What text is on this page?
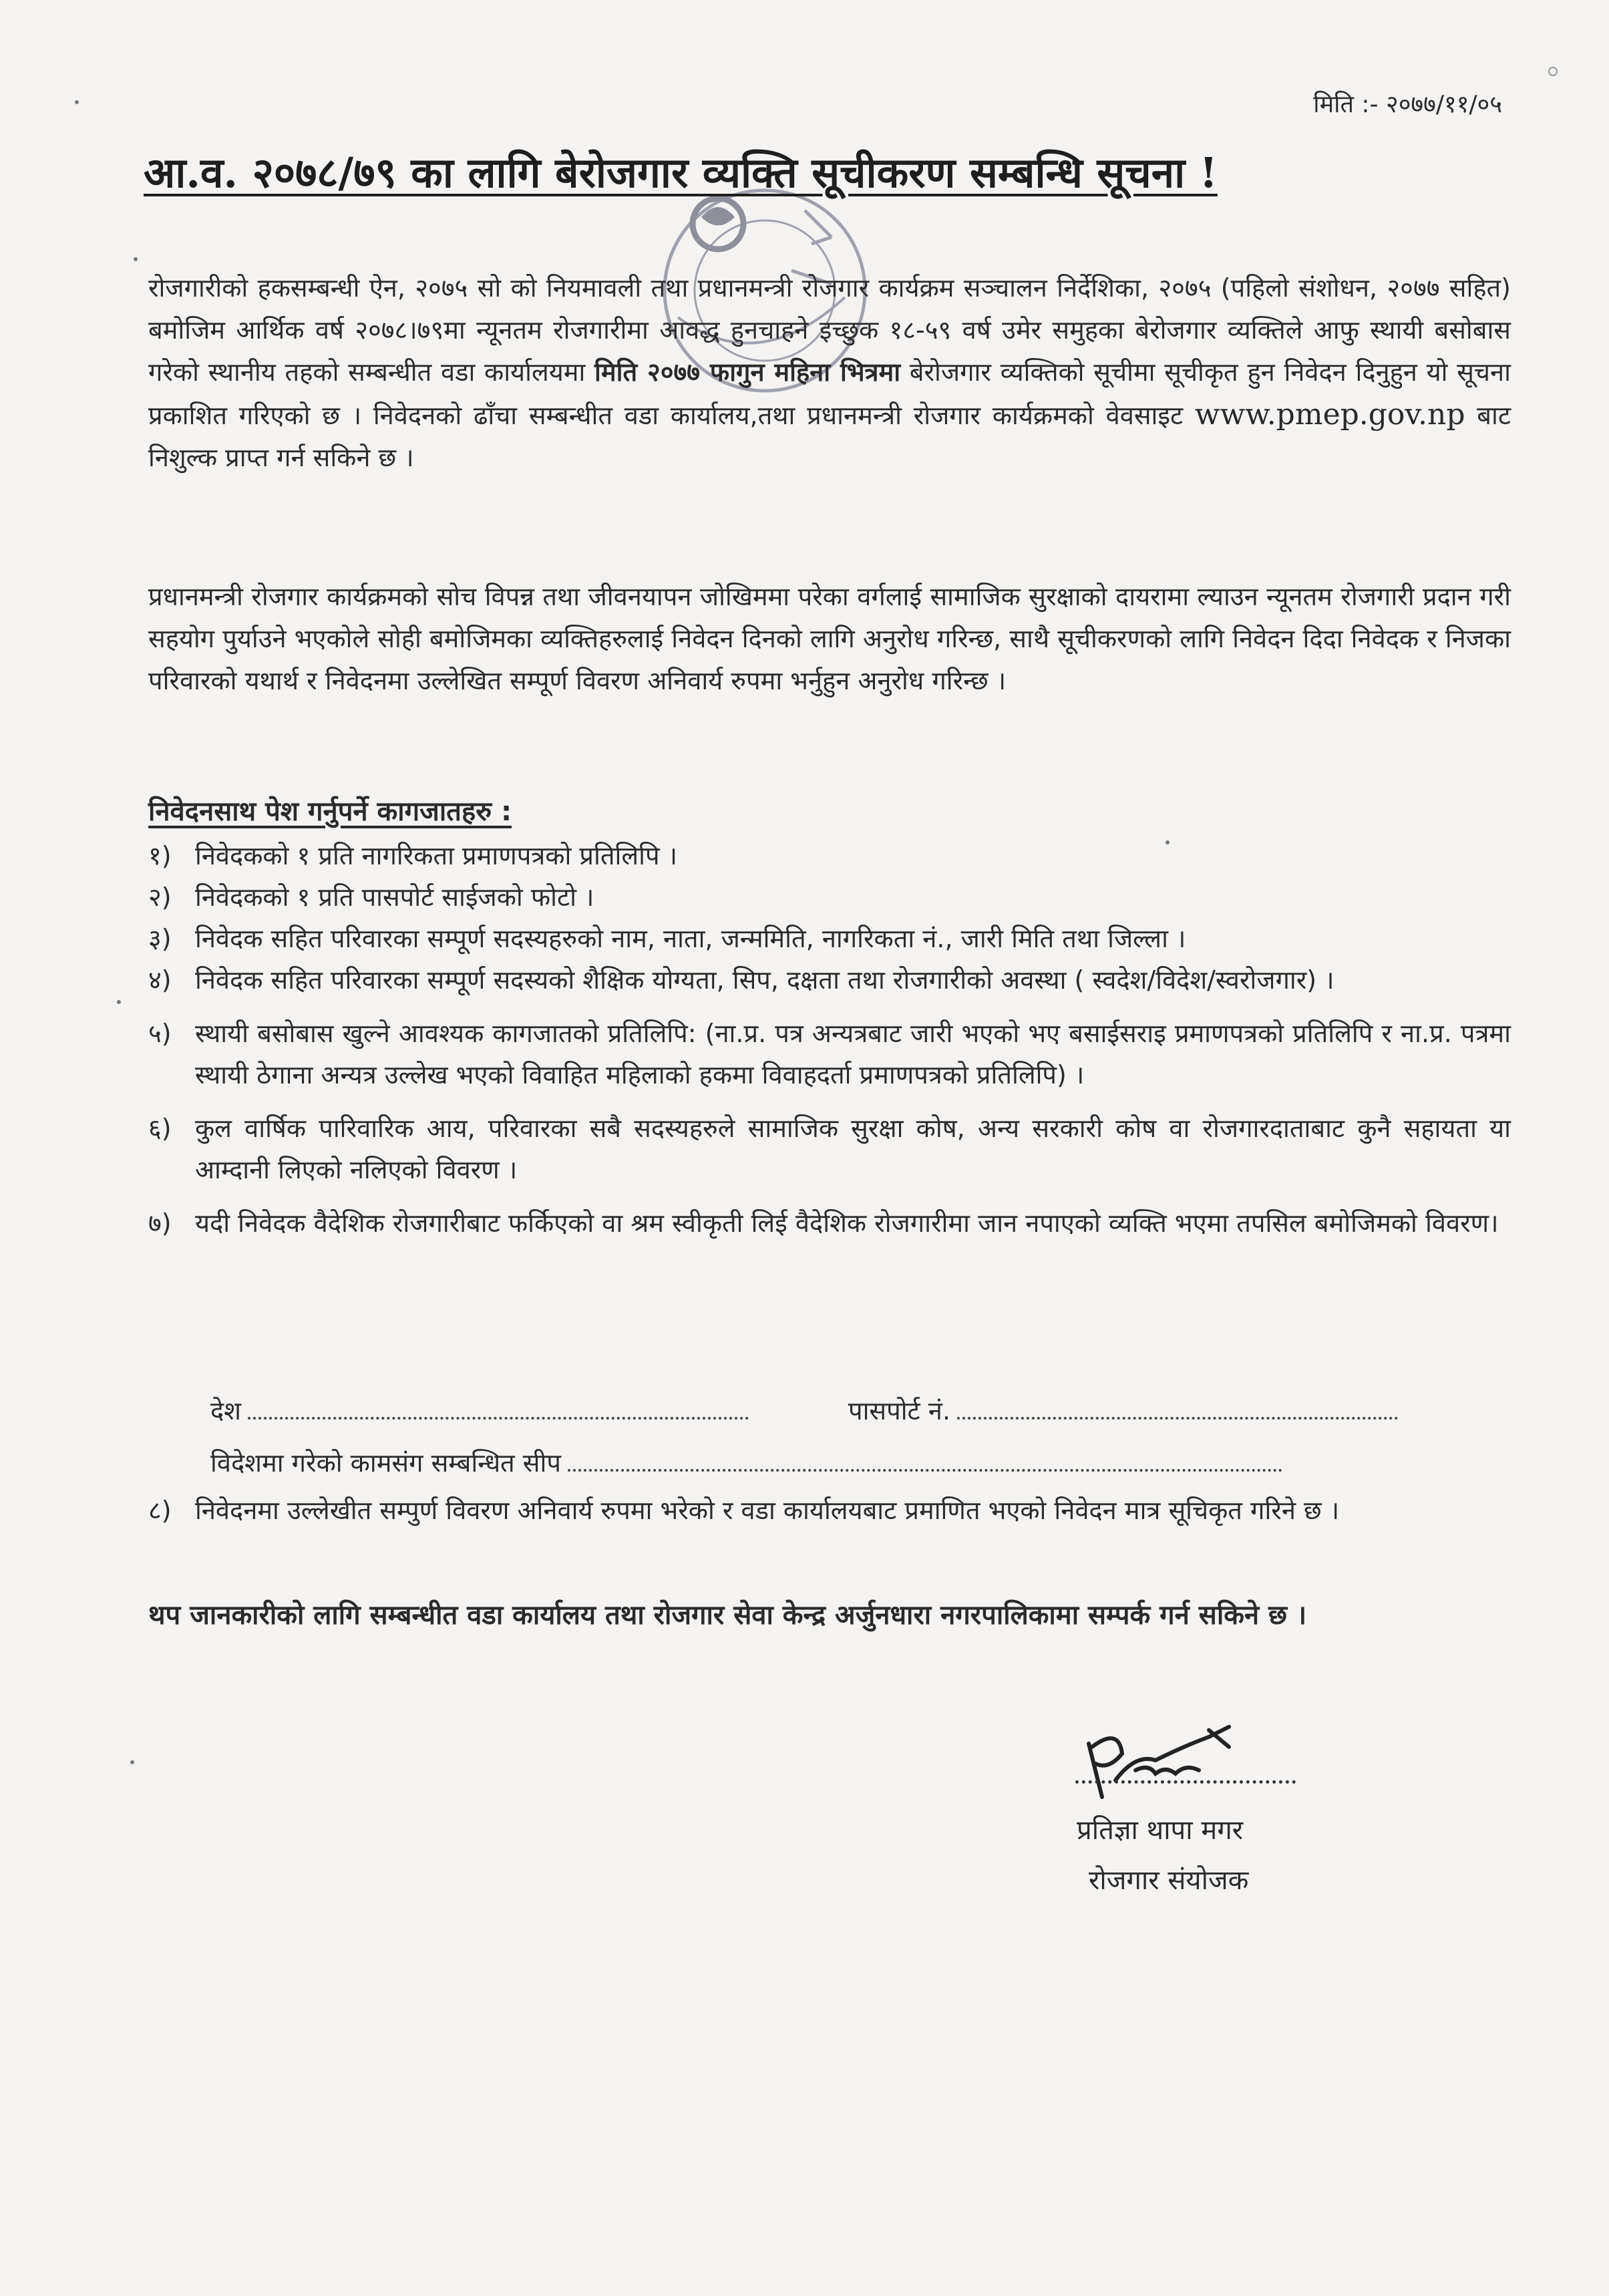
मिति :- २०७७/११/०५
आ.व. २०७८/७९ का लागि बेरोजगार व्यक्ति सूचीकरण सम्बन्धि सूचना !

रोजगारीको हकसम्बन्धी ऐन, २०७५ सो को नियमावली तथा प्रधानमन्त्री रोजगार कार्यक्रम सञ्चालन निर्देशिका, २०७५ (पहिलो संशोधन, २०७७ सहित) बमोजिम आर्थिक वर्ष २०७८।७९मा न्यूनतम रोजगारीमा आवद्ध हुनचाहने इच्छुक १८-५९ वर्ष उमेर समुहका बेरोजगार व्यक्तिले आफु स्थायी बसोबास गरेको स्थानीय तहको सम्बन्धीत वडा कार्यालयमा मिति २०७७ फागुन महिना भित्रमा बेरोजगार व्यक्तिको सूचीमा सूचीकृत हुन निवेदन दिनुहुन यो सूचना प्रकाशित गरिएको छ । निवेदनको ढाँचा सम्बन्धीत वडा कार्यालय,तथा प्रधानमन्त्री रोजगार कार्यक्रमको वेवसाइट www.pmep.gov.np बाट निशुल्क प्राप्त गर्न सकिने छ ।

प्रधानमन्त्री रोजगार कार्यक्रमको सोच विपन्न तथा जीवनयापन जोखिममा परेका वर्गलाई सामाजिक सुरक्षाको दायरामा ल्याउन न्यूनतम रोजगारी प्रदान गरी सहयोग पुर्याउने भएकोले सोही बमोजिमका व्यक्तिहरुलाई निवेदन दिनको लागि अनुरोध गरिन्छ, साथै सूचीकरणको लागि निवेदन दिदा निवेदक र निजका परिवारको यथार्थ र निवेदनमा उल्लेखित सम्पूर्ण विवरण अनिवार्य रुपमा भर्नुहुन अनुरोध गरिन्छ ।

निवेदनसाथ पेश गर्नुपर्ने कागजातहरु :
१) निवेदकको १ प्रति नागरिकता प्रमाणपत्रको प्रतिलिपि ।
२) निवेदकको १ प्रति पासपोर्ट साईजको फोटो ।
३) निवेदक सहित परिवारका सम्पूर्ण सदस्यहरुको नाम, नाता, जन्ममिति, नागरिकता नं., जारी मिति तथा जिल्ला ।
४) निवेदक सहित परिवारका सम्पूर्ण सदस्यको शैक्षिक योग्यता, सिप, दक्षता तथा रोजगारीको अवस्था ( स्वदेश/विदेश/स्वरोजगार) ।
५) स्थायी बसोबास खुल्ने आवश्यक कागजातको प्रतिलिपि: (ना.प्र. पत्र अन्यत्रबाट जारी भएको भए बसाईसराइ प्रमाणपत्रको प्रतिलिपि र ना.प्र. पत्रमा स्थायी ठेगाना अन्यत्र उल्लेख भएको विवाहित महिलाको हकमा विवाहदर्ता प्रमाणपत्रको प्रतिलिपि) ।
६) कुल वार्षिक पारिवारिक आय, परिवारका सबै सदस्यहरुले सामाजिक सुरक्षा कोष, अन्य सरकारी कोष वा रोजगारदाताबाट कुनै सहायता या आम्दानी लिएको नलिएको विवरण ।
७) यदी निवेदक वैदेशिक रोजगारीबाट फर्किएको वा श्रम स्वीकृती लिई वैदेशिक रोजगारीमा जान नपाएको व्यक्ति भएमा तपसिल बमोजिमको विवरण।
देश	पासपोर्ट नं.
विदेशमा गरेको कामसंग सम्बन्धित सीप
८) निवेदनमा उल्लेखीत सम्पुर्ण विवरण अनिवार्य रुपमा भरेको र वडा कार्यालयबाट प्रमाणित भएको निवेदन मात्र सूचिकृत गरिने छ ।

थप जानकारीको लागि सम्बन्धीत वडा कार्यालय तथा रोजगार सेवा केन्द्र अर्जुनधारा नगरपालिकामा सम्पर्क गर्न सकिने छ ।

प्रतिज्ञा थापा मगर
रोजगार संयोजक
